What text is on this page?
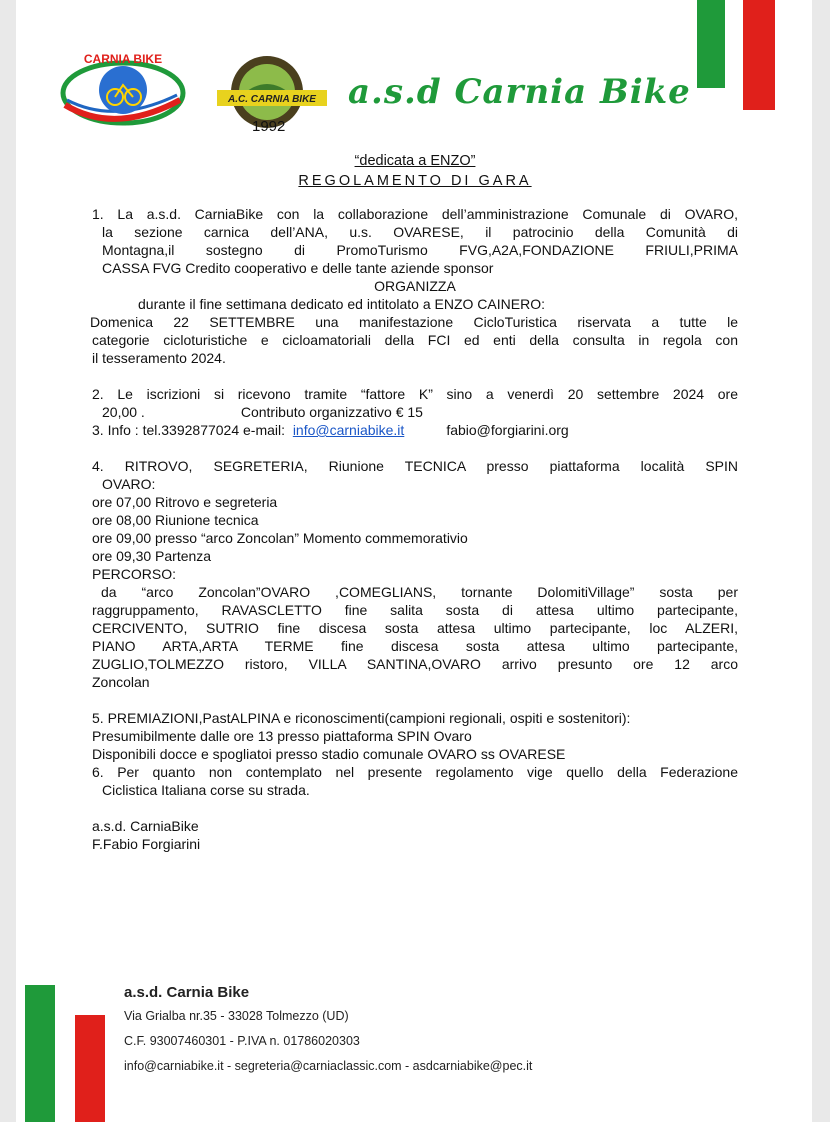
CARNIA BIKE
A.C. CARNIA BIKE
1992
a.s.d Carnia Bike
“dedicata a ENZO”
REGOLAMENTO DI GARA
1. La a.s.d. CarniaBike con la collaborazione dell’amministrazione Comunale di OVARO,
la sezione carnica dell’ANA, u.s. OVARESE, il patrocinio della Comunità di
Montagna,il sostegno di PromoTurismo FVG,A2A,FONDAZIONE FRIULI,PRIMA
CASSA FVG Credito cooperativo e delle tante aziende sponsor
ORGANIZZA
durante il fine settimana dedicato ed intitolato a ENZO CAINERO:
Domenica 22 SETTEMBRE una manifestazione CicloTuristica riservata a tutte le
categorie cicloturistiche e cicloamatoriali della FCI ed enti della consulta in regola con
il tesseramento 2024.
2. Le iscrizioni si ricevono tramite “fattore K” sino a venerdì 20 settembre 2024 ore
20,00 .	Contributo organizzativo € 15
3. Info : tel.3392877024 e-mail: info@carniabike.it	fabio@forgiarini.org
4. RITROVO, SEGRETERIA, Riunione TECNICA presso piattaforma località SPIN
OVARO:
ore 07,00 Ritrovo e segreteria
ore 08,00 Riunione tecnica
ore 09,00 presso “arco Zoncolan” Momento commemorativio
ore 09,30 Partenza
PERCORSO:
da “arco Zoncolan”OVARO ,COMEGLIANS, tornante DolomitiVillage” sosta per
raggruppamento, RAVASCLETTO fine salita sosta di attesa ultimo partecipante,
CERCIVENTO, SUTRIO fine discesa sosta attesa ultimo partecipante, loc ALZERI,
PIANO ARTA,ARTA TERME fine discesa sosta attesa ultimo partecipante,
ZUGLIO,TOLMEZZO ristoro, VILLA SANTINA,OVARO arrivo presunto ore 12 arco
Zoncolan
5. PREMIAZIONI,PastALPINA e riconoscimenti(campioni regionali, ospiti e sostenitori):
Presumibilmente dalle ore 13 presso piattaforma SPIN Ovaro
Disponibili docce e spogliatoi presso stadio comunale OVARO ss OVARESE
6. Per quanto non contemplato nel presente regolamento vige quello della Federazione
Ciclistica Italiana corse su strada.
a.s.d. CarniaBike
F.Fabio Forgiarini
a.s.d. Carnia Bike
Via Grialba nr.35 - 33028 Tolmezzo (UD)
C.F. 93007460301 - P.IVA n. 01786020303
info@carniabike.it - segreteria@carniaclassic.com - asdcarniabike@pec.it
